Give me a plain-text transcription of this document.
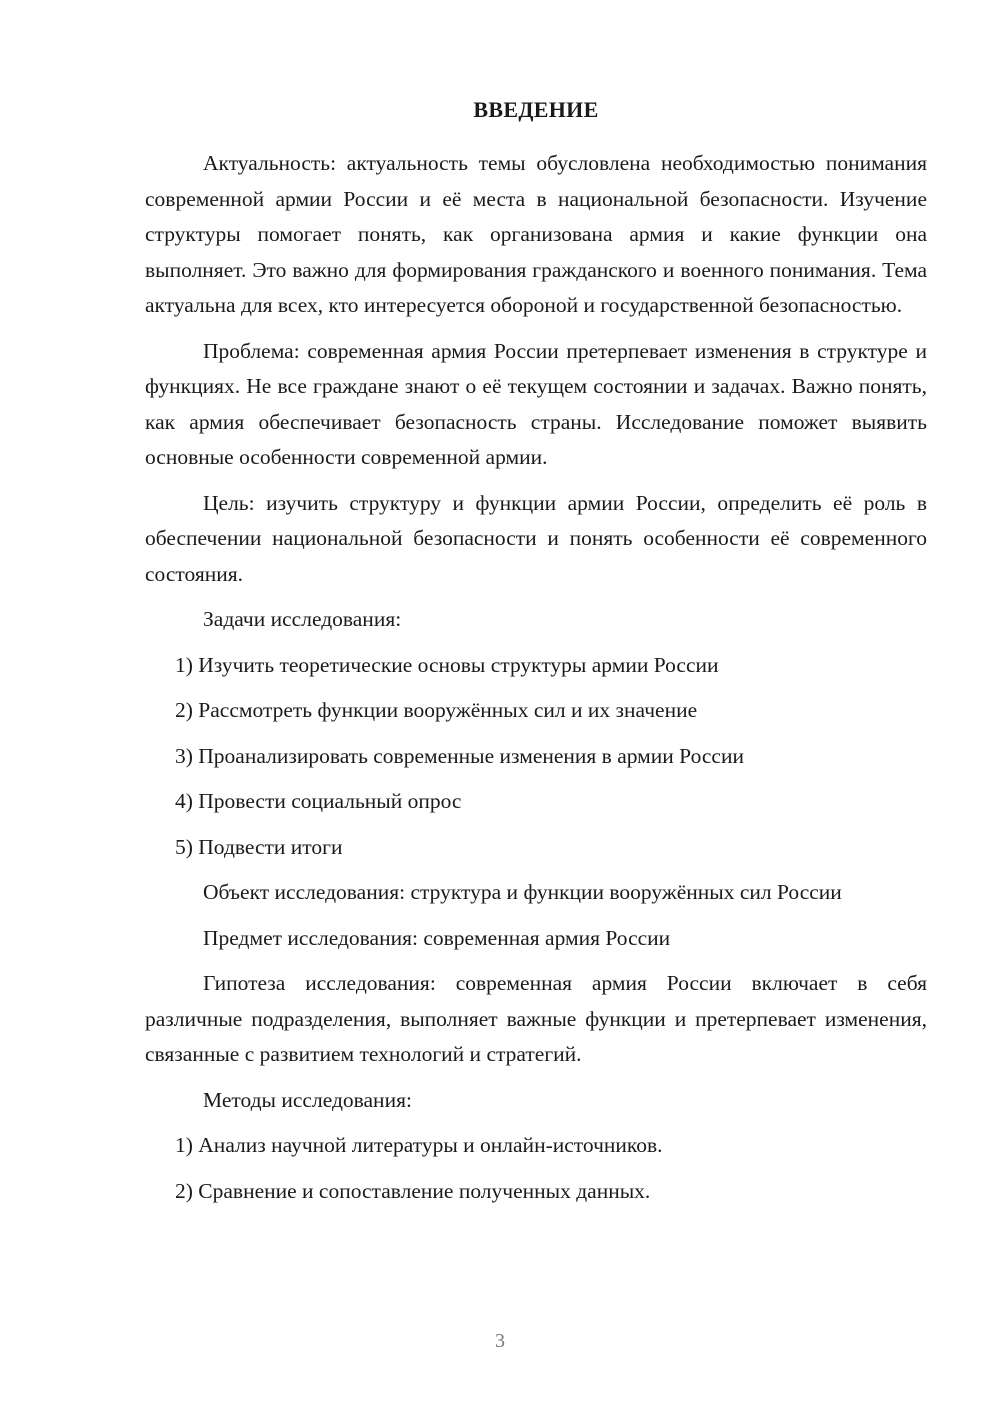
ВВЕДЕНИЕ

Актуальность: актуальность темы обусловлена необходимостью понимания современной армии России и её места в национальной безопасности. Изучение структуры помогает понять, как организована армия и какие функции она выполняет. Это важно для формирования гражданского и военного понимания. Тема актуальна для всех, кто интересуется обороной и государственной безопасностью.

Проблема: современная армия России претерпевает изменения в структуре и функциях. Не все граждане знают о её текущем состоянии и задачах. Важно понять, как армия обеспечивает безопасность страны. Исследование поможет выявить основные особенности современной армии.

Цель: изучить структуру и функции армии России, определить её роль в обеспечении национальной безопасности и понять особенности её современного состояния.

Задачи исследования:
1) Изучить теоретические основы структуры армии России
2) Рассмотреть функции вооружённых сил и их значение
3) Проанализировать современные изменения в армии России
4) Провести социальный опрос
5) Подвести итоги

Объект исследования: структура и функции вооружённых сил России

Предмет исследования: современная армия России

Гипотеза исследования: современная армия России включает в себя различные подразделения, выполняет важные функции и претерпевает изменения, связанные с развитием технологий и стратегий.

Методы исследования:
1) Анализ научной литературы и онлайн-источников.
2) Сравнение и сопоставление полученных данных.
3
